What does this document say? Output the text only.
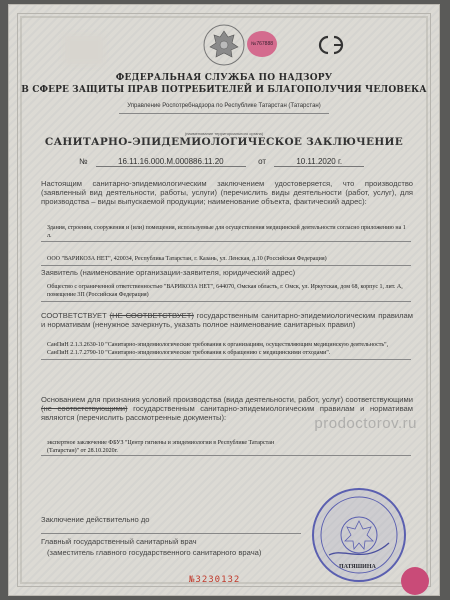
№767888
ФЕДЕРАЛЬНАЯ СЛУЖБА ПО НАДЗОРУ
В СФЕРЕ ЗАЩИТЫ ПРАВ ПОТРЕБИТЕЛЕЙ И БЛАГОПОЛУЧИЯ ЧЕЛОВЕКА
Управление Роспотребнадзора по Республике Татарстан (Татарстан)
(наименование территориального органа)
САНИТАРНО-ЭПИДЕМИОЛОГИЧЕСКОЕ ЗАКЛЮЧЕНИЕ
№	16.11.16.000.М.000886.11.20	от	10.11.2020 г.
Настоящим санитарно-эпидемиологическим заключением удостоверяется, что производство (заявленный вид деятельности, работы, услуги) (перечислить виды деятельности (работ, услуг), для производства – виды выпускаемой продукции; наименование объекта, фактический адрес):
Здания, строения, сооружения и (или) помещения, используемые для осуществления медицинской деятельности согласно приложению на 1 л.
ООО "ВАРИКОЗА НЕТ", 420034, Республика Татарстан, г. Казань, ул. Ленская, д.10 (Российская Федерация)
Заявитель (наименование организации-заявителя, юридический адрес)
Общество с ограниченной ответственностью "ВАРИКОЗА НЕТ", 644070, Омская область, г. Омск, ул. Иркутская, дом 68, корпус 1, лит. А, помещение 3П (Российская Федерация)
СООТВЕТСТВУЕТ (НЕ СООТВЕТСТВУЕТ) государственным санитарно-эпидемиологическим правилам и нормативам (ненужное зачеркнуть, указать полное наименование санитарных правил)
СанПиН 2.1.3.2630-10 "Санитарно-эпидемиологические требования к организациям, осуществляющим медицинскую деятельность", СанПиН 2.1.7.2790-10 "Санитарно-эпидемиологические требования к обращению с медицинскими отходами".
Основанием для признания условий производства (вида деятельности, работ, услуг) соответствующими (не соответствующими) государственным санитарно-эпидемиологическим правилам и нормативам являются (перечислить рассмотренные документы):
экспертное заключение ФБУЗ "Центр гигиены и эпидемиологии в Республике Татарстан (Татарстан)" от 28.10.2020г.
prodoctorov.ru
Заключение действительно до
Главный государственный санитарный врач
(заместитель главного государственного санитарного врача)
№3230132
